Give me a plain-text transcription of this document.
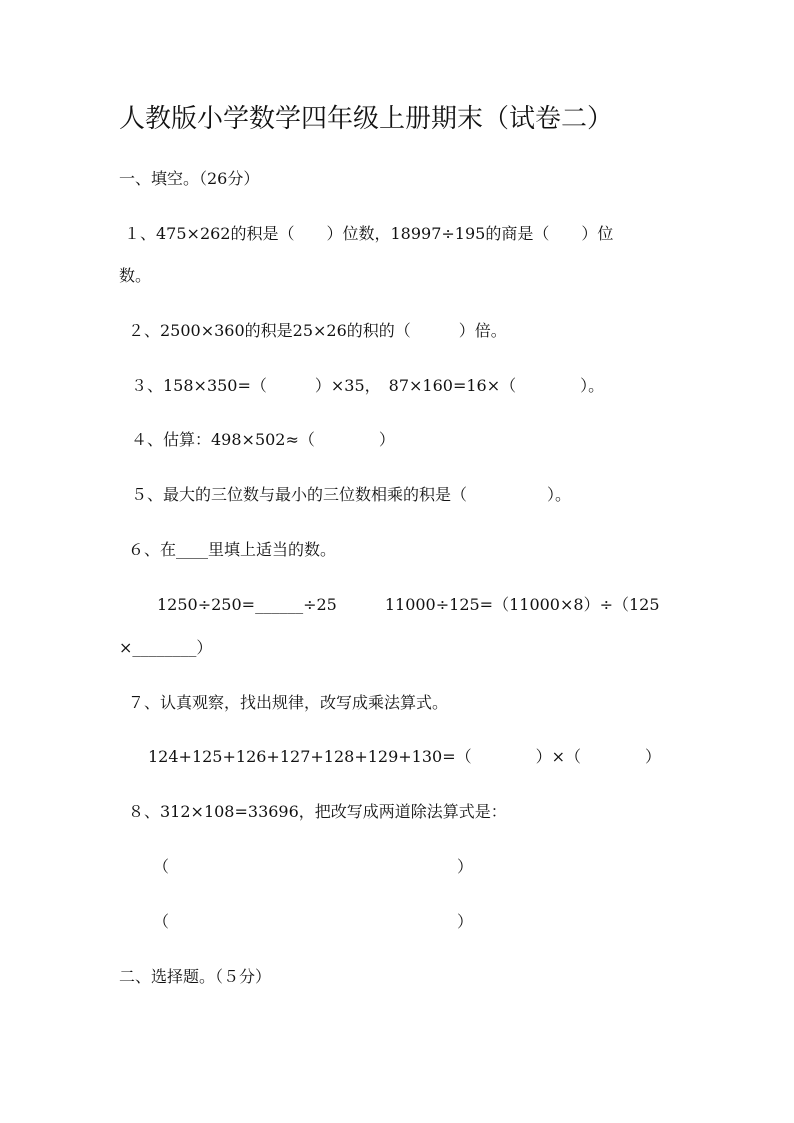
人教版小学数学四年级上册期末（试卷二）
一、填空。（26分）
１、475×262的积是（　　）位数，18997÷195的商是（　　）位
数。
２、2500×360的积是25×26的积的（　　　）倍。
３、158×350=（　　　）×35，　87×160=16×（　　　　）。
４、估算：498×502≈（　　　　）
５、最大的三位数与最小的三位数相乘的积是（　　　　　）。
６、在____里填上适当的数。
1250÷250=______÷25　　　11000÷125=（11000×8）÷（125
×________）
７、认真观察，找出规律，改写成乘法算式。
124+125+126+127+128+129+130=（　　　　）×（　　　　）
８、312×108=33696，把改写成两道除法算式是：
（　　　　　　　　　　　　　　　　　　）
（　　　　　　　　　　　　　　　　　　）
二、选择题。（５分）
